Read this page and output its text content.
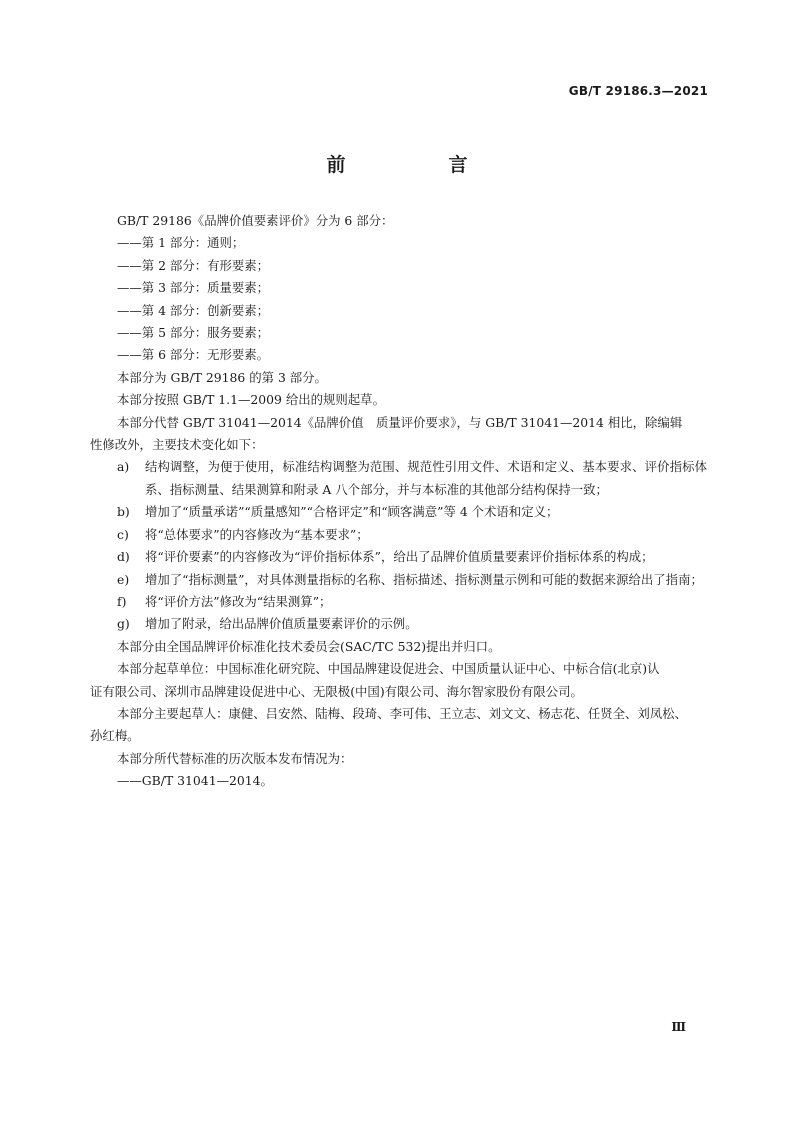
GB/T 29186.3—2021
前　言

GB/T 29186《品牌价值要素评价》分为 6 部分：

——第 1 部分：通则；

——第 2 部分：有形要素；

——第 3 部分：质量要素；

——第 4 部分：创新要素；

——第 5 部分：服务要素；

——第 6 部分：无形要素。

本部分为 GB/T 29186 的第 3 部分。

本部分按照 GB/T 1.1—2009 给出的规则起草。

本部分代替 GB/T 31041—2014《品牌价值　质量评价要求》，与 GB/T 31041—2014 相比，除编辑

性修改外，主要技术变化如下：

a)	结构调整，为便于使用，标准结构调整为范围、规范性引用文件、术语和定义、基本要求、评价指标体系、指标测量、结果测算和附录 A 八个部分，并与本标准的其他部分结构保持一致；
b)	增加了“质量承诺”“质量感知”“合格评定”和“顾客满意”等 4 个术语和定义；
c)	将“总体要求”的内容修改为“基本要求”；
d)	将“评价要素”的内容修改为“评价指标体系”，给出了品牌价值质量要素评价指标体系的构成；
e)	增加了“指标测量”，对具体测量指标的名称、指标描述、指标测量示例和可能的数据来源给出了指南；
f)	将“评价方法”修改为“结果测算”；
g)	增加了附录，给出品牌价值质量要素评价的示例。

本部分由全国品牌评价标准化技术委员会(SAC/TC 532)提出并归口。

本部分起草单位：中国标准化研究院、中国品牌建设促进会、中国质量认证中心、中标合信(北京)认

证有限公司、深圳市品牌建设促进中心、无限极(中国)有限公司、海尔智家股份有限公司。

本部分主要起草人：康健、吕安然、陆梅、段琦、李可伟、王立志、刘文文、杨志花、任贤全、刘凤松、

孙红梅。

本部分所代替标准的历次版本发布情况为：

——GB/T 31041—2014。

Ⅲ
